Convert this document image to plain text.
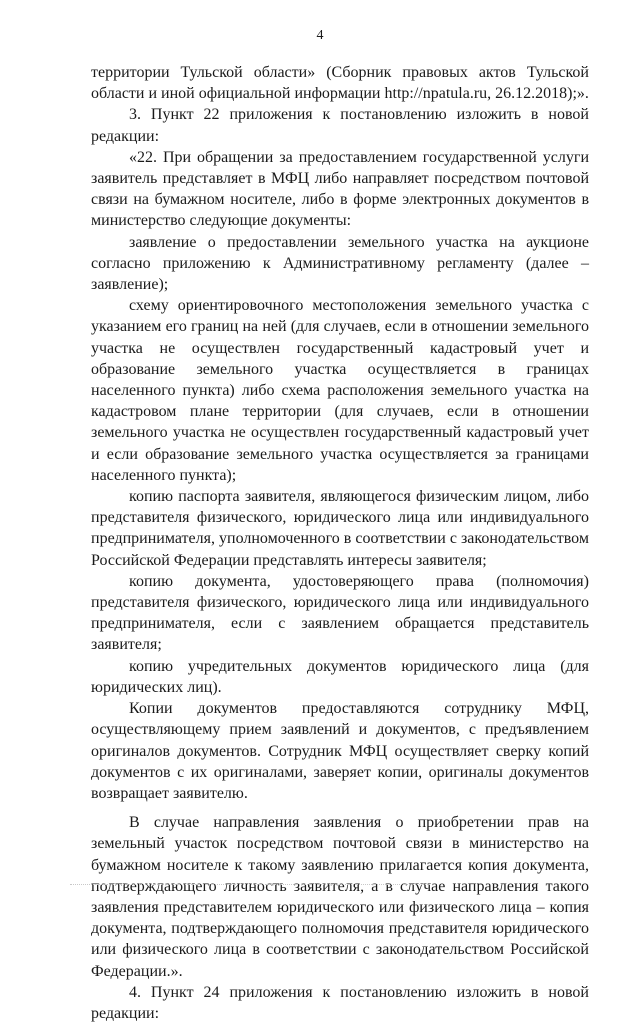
4

территории Тульской области» (Сборник правовых актов Тульской области и иной официальной информации http://npatula.ru, 26.12.2018);».

3. Пункт 22 приложения к постановлению изложить в новой редакции:

«22. При обращении за предоставлением государственной услуги заявитель представляет в МФЦ либо направляет посредством почтовой связи на бумажном носителе, либо в форме электронных документов в министерство следующие документы:

заявление о предоставлении земельного участка на аукционе согласно приложению к Административному регламенту (далее – заявление);

схему ориентировочного местоположения земельного участка с указанием его границ на ней (для случаев, если в отношении земельного участка не осуществлен государственный кадастровый учет и образование земельного участка осуществляется в границах населенного пункта) либо схема расположения земельного участка на кадастровом плане территории (для случаев, если в отношении земельного участка не осуществлен государственный кадастровый учет и если образование земельного участка осуществляется за границами населенного пункта);

копию паспорта заявителя, являющегося физическим лицом, либо представителя физического, юридического лица или индивидуального предпринимателя, уполномоченного в соответствии с законодательством Российской Федерации представлять интересы заявителя;

копию документа, удостоверяющего права (полномочия) представителя физического, юридического лица или индивидуального предпринимателя, если с заявлением обращается представитель заявителя;

копию учредительных документов юридического лица (для юридических лиц).

Копии документов предоставляются сотруднику МФЦ, осуществляющему прием заявлений и документов, с предъявлением оригиналов документов. Сотрудник МФЦ осуществляет сверку копий документов с их оригиналами, заверяет копии, оригиналы документов возвращает заявителю.

В случае направления заявления о приобретении прав на земельный участок посредством почтовой связи в министерство на бумажном носителе к такому заявлению прилагается копия документа, подтверждающего личность заявителя, а в случае направления такого заявления представителем юридического или физического лица – копия документа, подтверждающего полномочия представителя юридического или физического лица в соответствии с законодательством Российской Федерации.».

4. Пункт 24 приложения к постановлению изложить в новой редакции:
